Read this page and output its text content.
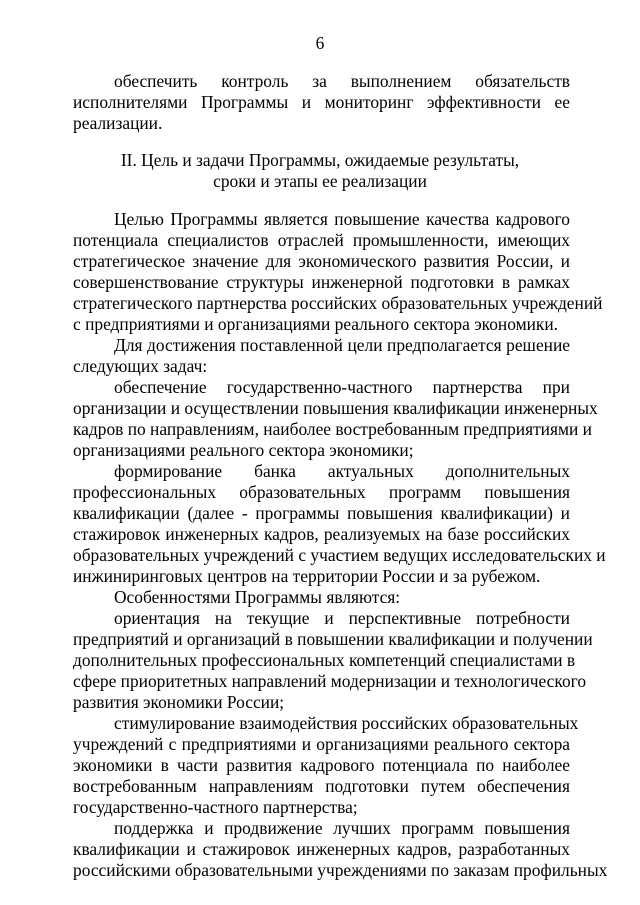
6
обеспечить контроль за выполнением обязательств
исполнителями Программы и мониторинг эффективности ее
реализации.
II. Цель и задачи Программы, ожидаемые результаты,
сроки и этапы ее реализации
Целью Программы является повышение качества кадрового
потенциала специалистов отраслей промышленности, имеющих
стратегическое значение для экономического развития России, и
совершенствование структуры инженерной подготовки в рамках
стратегического партнерства российских образовательных учреждений
с предприятиями и организациями реального сектора экономики.
Для достижения поставленной цели предполагается решение
следующих задач:
обеспечение государственно-частного партнерства при
организации и осуществлении повышения квалификации инженерных
кадров по направлениям, наиболее востребованным предприятиями и
организациями реального сектора экономики;
формирование банка актуальных дополнительных
профессиональных образовательных программ повышения
квалификации (далее - программы повышения квалификации) и
стажировок инженерных кадров, реализуемых на базе российских
образовательных учреждений с участием ведущих исследовательских и
инжиниринговых центров на территории России и за рубежом.
Особенностями Программы являются:
ориентация на текущие и перспективные потребности
предприятий и организаций в повышении квалификации и получении
дополнительных профессиональных компетенций специалистами в
сфере приоритетных направлений модернизации и технологического
развития экономики России;
стимулирование взаимодействия российских образовательных
учреждений с предприятиями и организациями реального сектора
экономики в части развития кадрового потенциала по наиболее
востребованным направлениям подготовки путем обеспечения
государственно-частного партнерства;
поддержка и продвижение лучших программ повышения
квалификации и стажировок инженерных кадров, разработанных
российскими образовательными учреждениями по заказам профильных
